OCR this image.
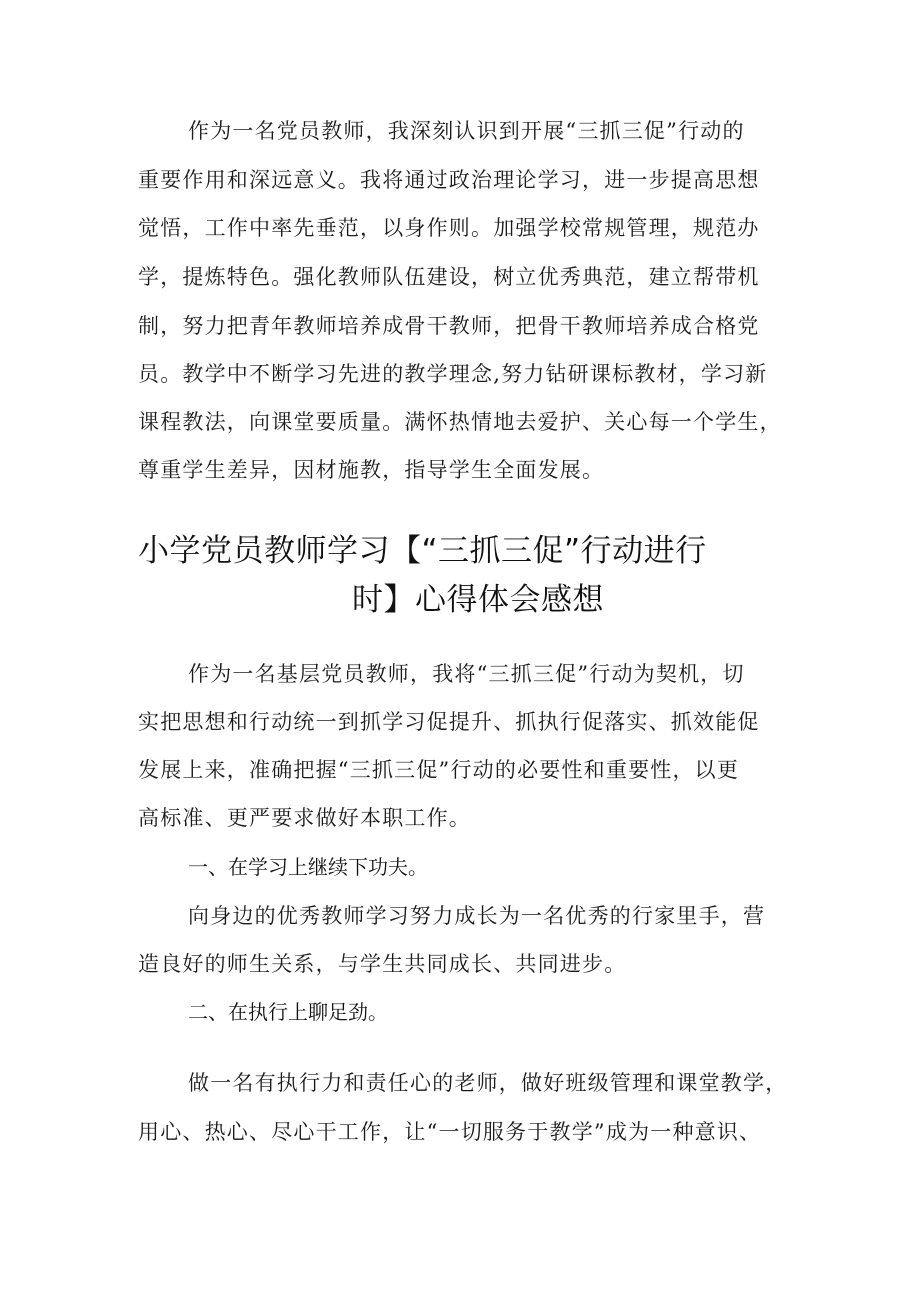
作为一名党员教师，我深刻认识到开展“三抓三促”行动的
重要作用和深远意义。我将通过政治理论学习，进一步提高思想
觉悟，工作中率先垂范，以身作则。加强学校常规管理，规范办
学，提炼特色。强化教师队伍建设，树立优秀典范，建立帮带机
制，努力把青年教师培养成骨干教师，把骨干教师培养成合格党
员。教学中不断学习先进的教学理念,努力钻研课标教材，学习新
课程教法，向课堂要质量。满怀热情地去爱护、关心每一个学生，
尊重学生差异，因材施教，指导学生全面发展。
小学党员教师学习【“三抓三促”行动进行
时】心得体会感想
作为一名基层党员教师，我将“三抓三促”行动为契机，切
实把思想和行动统一到抓学习促提升、抓执行促落实、抓效能促
发展上来，准确把握“三抓三促”行动的必要性和重要性，以更
高标准、更严要求做好本职工作。
一、在学习上继续下功夫。
向身边的优秀教师学习努力成长为一名优秀的行家里手，营
造良好的师生关系，与学生共同成长、共同进步。
二、在执行上聊足劲。
做一名有执行力和责任心的老师，做好班级管理和课堂教学，
用心、热心、尽心干工作，让“一切服务于教学”成为一种意识、
